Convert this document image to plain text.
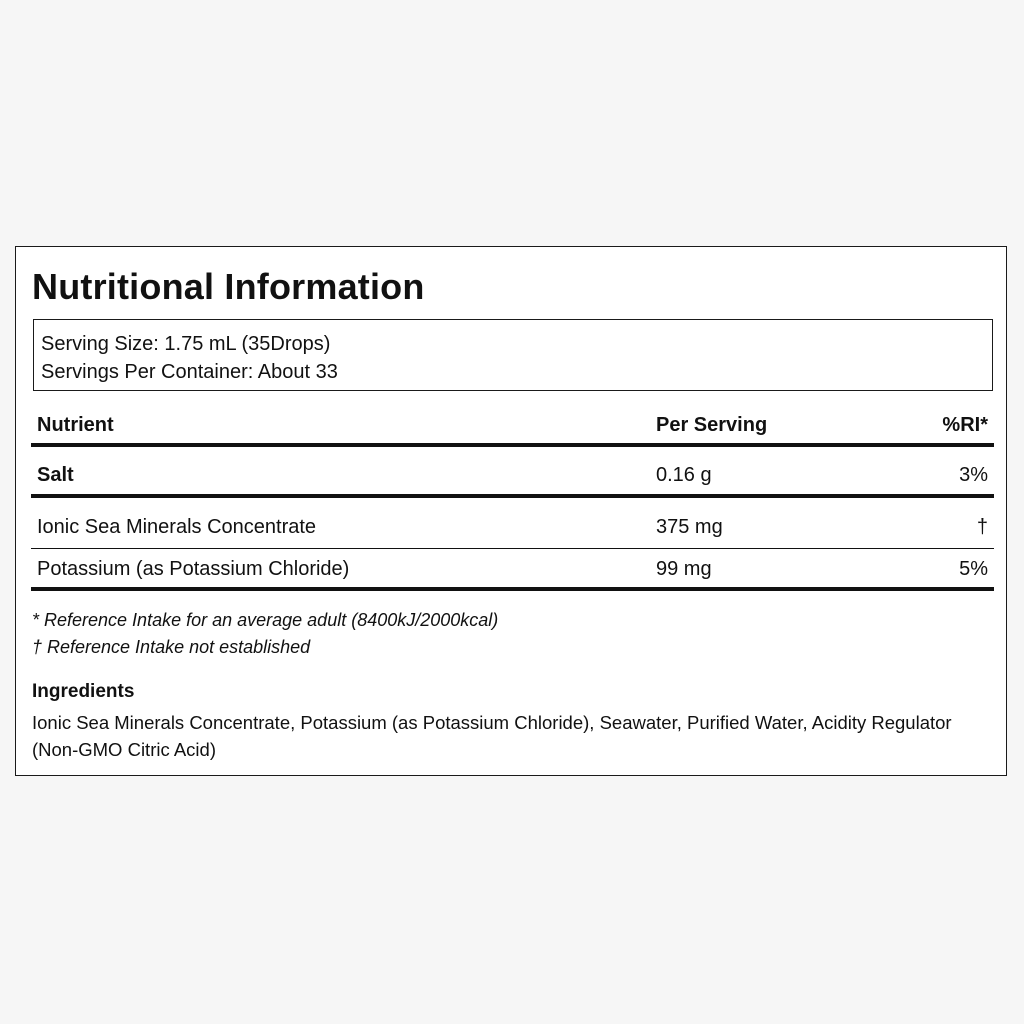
Nutritional Information
Serving Size: 1.75 mL (35Drops)
Servings Per Container: About 33
Nutrient	Per Serving	%RI*
Salt	0.16 g	3%
Ionic Sea Minerals Concentrate	375 mg	†
Potassium (as Potassium Chloride)	99 mg	5%
* Reference Intake for an average adult (8400kJ/2000kcal)
† Reference Intake not established
Ingredients

Ionic Sea Minerals Concentrate, Potassium (as Potassium Chloride), Seawater, Purified Water, Acidity Regulator (Non-GMO Citric Acid)
